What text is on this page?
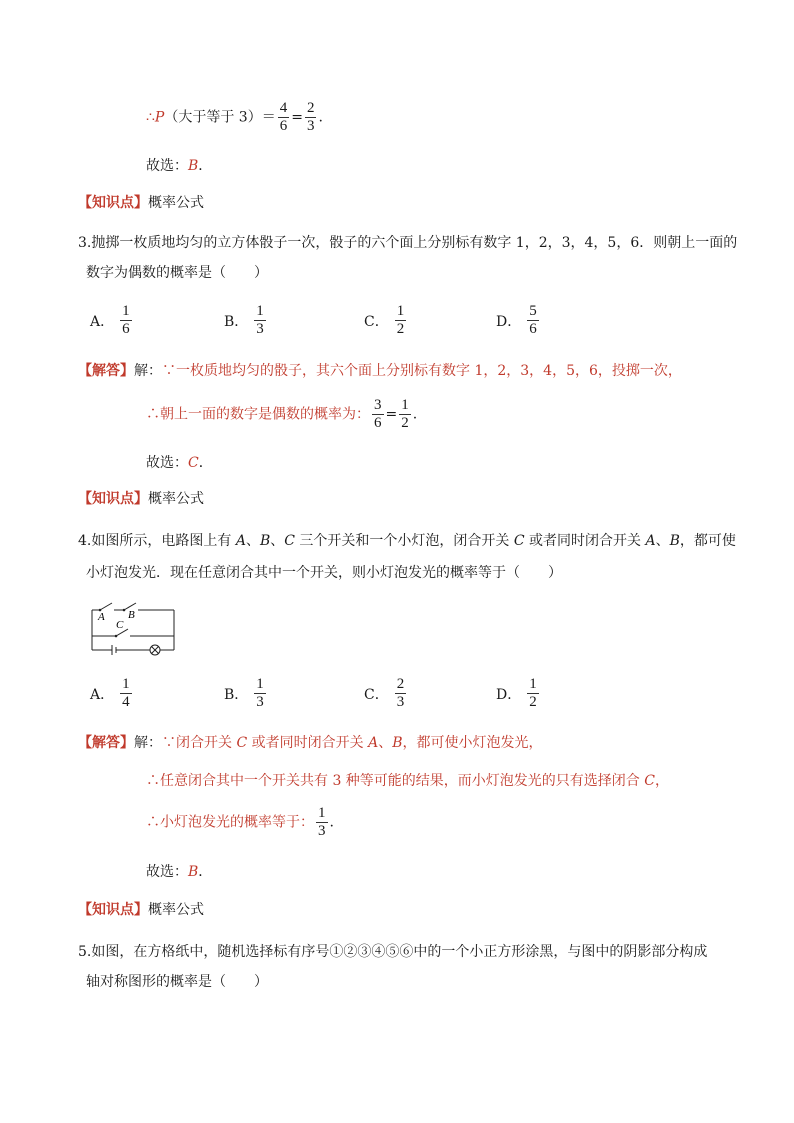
∴P（大于等于 $3)= \frac{4}{6} = \frac{2}{3}$ .
故选：B．
【知识点】概率公式
3.抛掷一枚质地均匀的立方体骰子一次，骰子的六个面上分别标有数字 1，2，3，4，5，6．则朝上一面的
数字为偶数的概率是（　　）
A． $\frac{1}{6}$	B． $\frac{1}{3}$	C． $\frac{1}{2}$	D． $\frac{5}{6}$
【解答】解：∵一枚质地均匀的骰子，其六个面上分别标有数字 1，2，3，4，5，6，投掷一次，
∴朝上一面的数字是偶数的概率为： $\frac{3}{6} = \frac{1}{2}$ .
故选：C．
【知识点】概率公式
4.如图所示，电路图上有 A、B、C 三个开关和一个小灯泡，闭合开关 C 或者同时闭合开关 A、B，都可使
小灯泡发光．现在任意闭合其中一个开关，则小灯泡发光的概率等于（　　）
A B
C
A． $\frac{1}{4}$	B． $\frac{1}{3}$	C． $\frac{2}{3}$	D． $\frac{1}{2}$
【解答】解：∵闭合开关 C 或者同时闭合开关 A、B，都可使小灯泡发光，
∴任意闭合其中一个开关共有 3 种等可能的结果，而小灯泡发光的只有选择闭合 C，
∴小灯泡发光的概率等于： $\frac{1}{3}$ .
故选：B．
【知识点】概率公式
5.如图，在方格纸中，随机选择标有序号①②③④⑤⑥中的一个小正方形涂黑，与图中的阴影部分构成
轴对称图形的概率是（　　）
